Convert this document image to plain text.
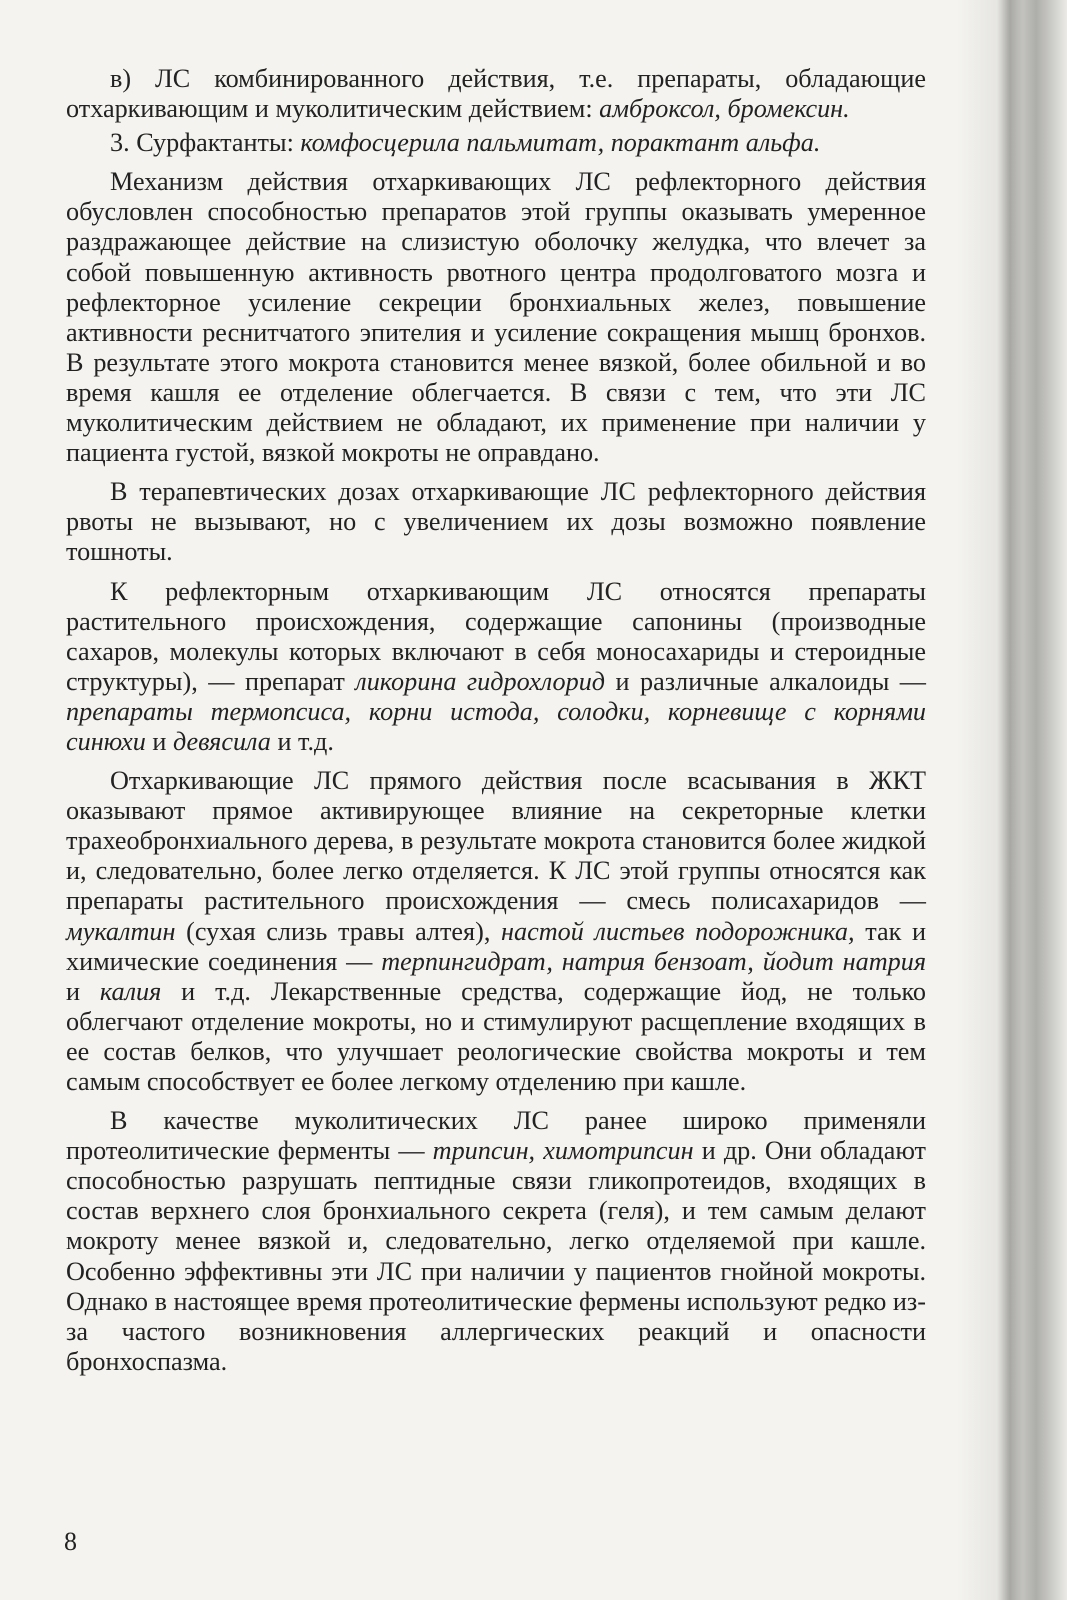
в) ЛС комбинированного действия, т.е. препараты, обладающие отхаркивающим и муколитическим действием: амброксол, бромексин.

3. Сурфактанты: комфосцерила пальмитат, порактант альфа.

Механизм действия отхаркивающих ЛС рефлекторного действия обусловлен способностью препаратов этой группы оказывать умеренное раздражающее действие на слизистую оболочку желудка, что влечет за собой повышенную активность рвотного центра продолговатого мозга и рефлекторное усиление секреции бронхиальных желез, повышение активности реснитчатого эпителия и усиление сокращения мышц бронхов. В результате этого мокрота становится менее вязкой, более обильной и во время кашля ее отделение облегчается. В связи с тем, что эти ЛС муколитическим действием не обладают, их применение при наличии у пациента густой, вязкой мокроты не оправдано.

В терапевтических дозах отхаркивающие ЛС рефлекторного действия рвоты не вызывают, но с увеличением их дозы возможно появление тошноты.

К рефлекторным отхаркивающим ЛС относятся препараты растительного происхождения, содержащие сапонины (производные сахаров, молекулы которых включают в себя моносахариды и стероидные структуры), — препарат ликорина гидрохлорид и различные алкалоиды — препараты термопсиса, корни истода, солодки, корневище с корнями синюхи и девясила и т.д.

Отхаркивающие ЛС прямого действия после всасывания в ЖКТ оказывают прямое активирующее влияние на секреторные клетки трахеобронхиального дерева, в результате мокрота становится более жидкой и, следовательно, более легко отделяется. К ЛС этой группы относятся как препараты растительного происхождения — смесь полисахаридов — мукалтин (сухая слизь травы алтея), настой листьев подорожника, так и химические соединения — терпингидрат, натрия бензоат, йодит натрия и калия и т.д. Лекарственные средства, содержащие йод, не только облегчают отделение мокроты, но и стимулируют расщепление входящих в ее состав белков, что улучшает реологические свойства мокроты и тем самым способствует ее более легкому отделению при кашле.

В качестве муколитических ЛС ранее широко применяли протеолитические ферменты — трипсин, химотрипсин и др. Они обладают способностью разрушать пептидные связи гликопротеидов, входящих в состав верхнего слоя бронхиального секрета (геля), и тем самым делают мокроту менее вязкой и, следовательно, легко отделяемой при кашле. Особенно эффективны эти ЛС при наличии у пациентов гнойной мокроты. Однако в настоящее время протеолитические фермены используют редко из-за частого возникновения аллергических реакций и опасности бронхоспазма.

8
